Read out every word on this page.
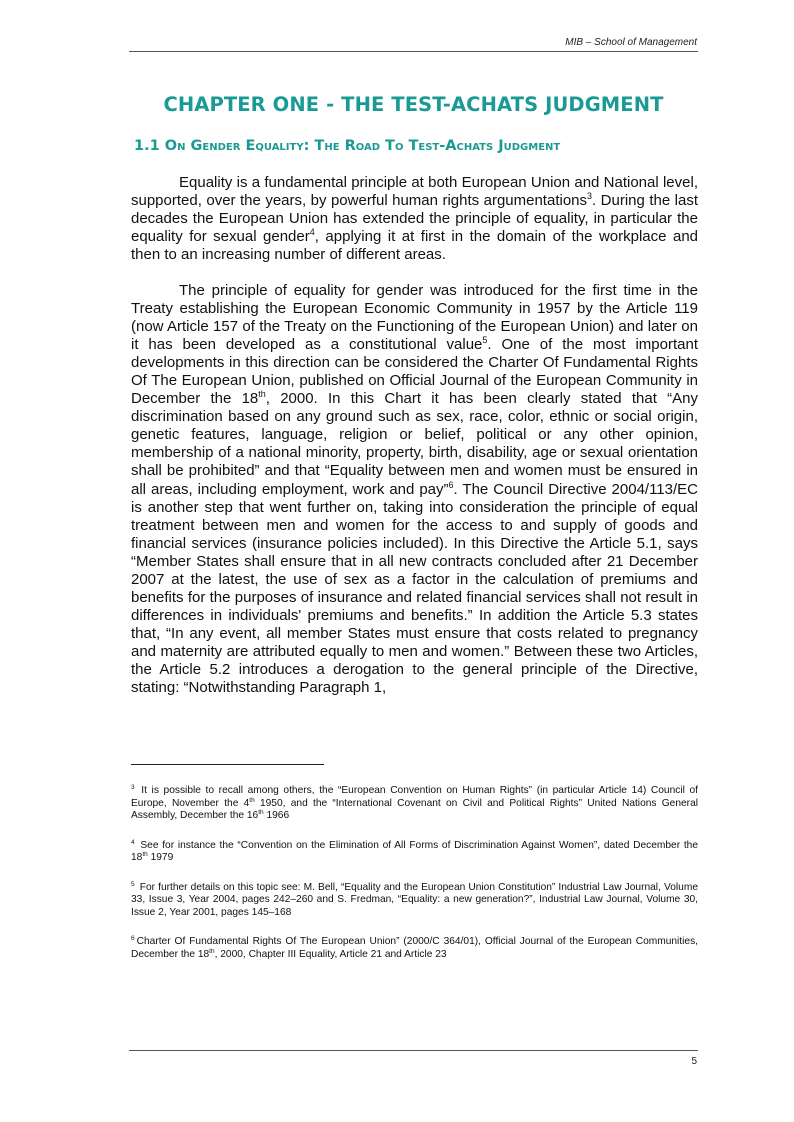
MIB – School of Management
CHAPTER ONE - THE TEST-ACHATS JUDGMENT
1.1 On Gender Equality: The Road To Test-Achats Judgment

Equality is a fundamental principle at both European Union and National level, supported, over the years, by powerful human rights argumentations$^3$. During the last decades the European Union has extended the principle of equality, in particular the equality for sexual gender$^4$, applying it at first in the domain of the workplace and then to an increasing number of different areas.

The principle of equality for gender was introduced for the first time in the Treaty establishing the European Economic Community in 1957 by the Article 119 (now Article 157 of the Treaty on the Functioning of the European Union) and later on it has been developed as a constitutional value$^5$. One of the most important developments in this direction can be considered the Charter Of Fundamental Rights Of The European Union, published on Official Journal of the European Community in December the 18th, 2000. In this Chart it has been clearly stated that “Any discrimination based on any ground such as sex, race, color, ethnic or social origin, genetic features, language, religion or belief, political or any other opinion, membership of a national minority, property, birth, disability, age or sexual orientation shall be prohibited” and that “Equality between men and women must be ensured in all areas, including employment, work and pay”$^6$. The Council Directive 2004/113/EC is another step that went further on, taking into consideration the principle of equal treatment between men and women for the access to and supply of goods and financial services (insurance policies included). In this Directive the Article 5.1, says “Member States shall ensure that in all new contracts concluded after 21 December 2007 at the latest, the use of sex as a factor in the calculation of premiums and benefits for the purposes of insurance and related financial services shall not result in differences in individuals' premiums and benefits.” In addition the Article 5.3 states that, “In any event, all member States must ensure that costs related to pregnancy and maternity are attributed equally to men and women.” Between these two Articles, the Article 5.2 introduces a derogation to the general principle of the Directive, stating: “Notwithstanding Paragraph 1,

$^3$ It is possible to recall among others, the “European Convention on Human Rights” (in particular Article 14) Council of Europe, November the 4th 1950, and the “International Covenant on Civil and Political Rights” United Nations General Assembly, December the 16th 1966

$^4$ See for instance the “Convention on the Elimination of All Forms of Discrimination Against Women”, dated December the 18th 1979

$^5$ For further details on this topic see: M. Bell, “Equality and the European Union Constitution” Industrial Law Journal, Volume 33, Issue 3, Year 2004, pages 242–260 and S. Fredman, “Equality: a new generation?”, Industrial Law Journal, Volume 30, Issue 2, Year 2001, pages 145–168

$^6$ Charter Of Fundamental Rights Of The European Union” (2000/C 364/01), Official Journal of the European Communities, December the 18th, 2000, Chapter III Equality, Article 21 and Article 23

5
